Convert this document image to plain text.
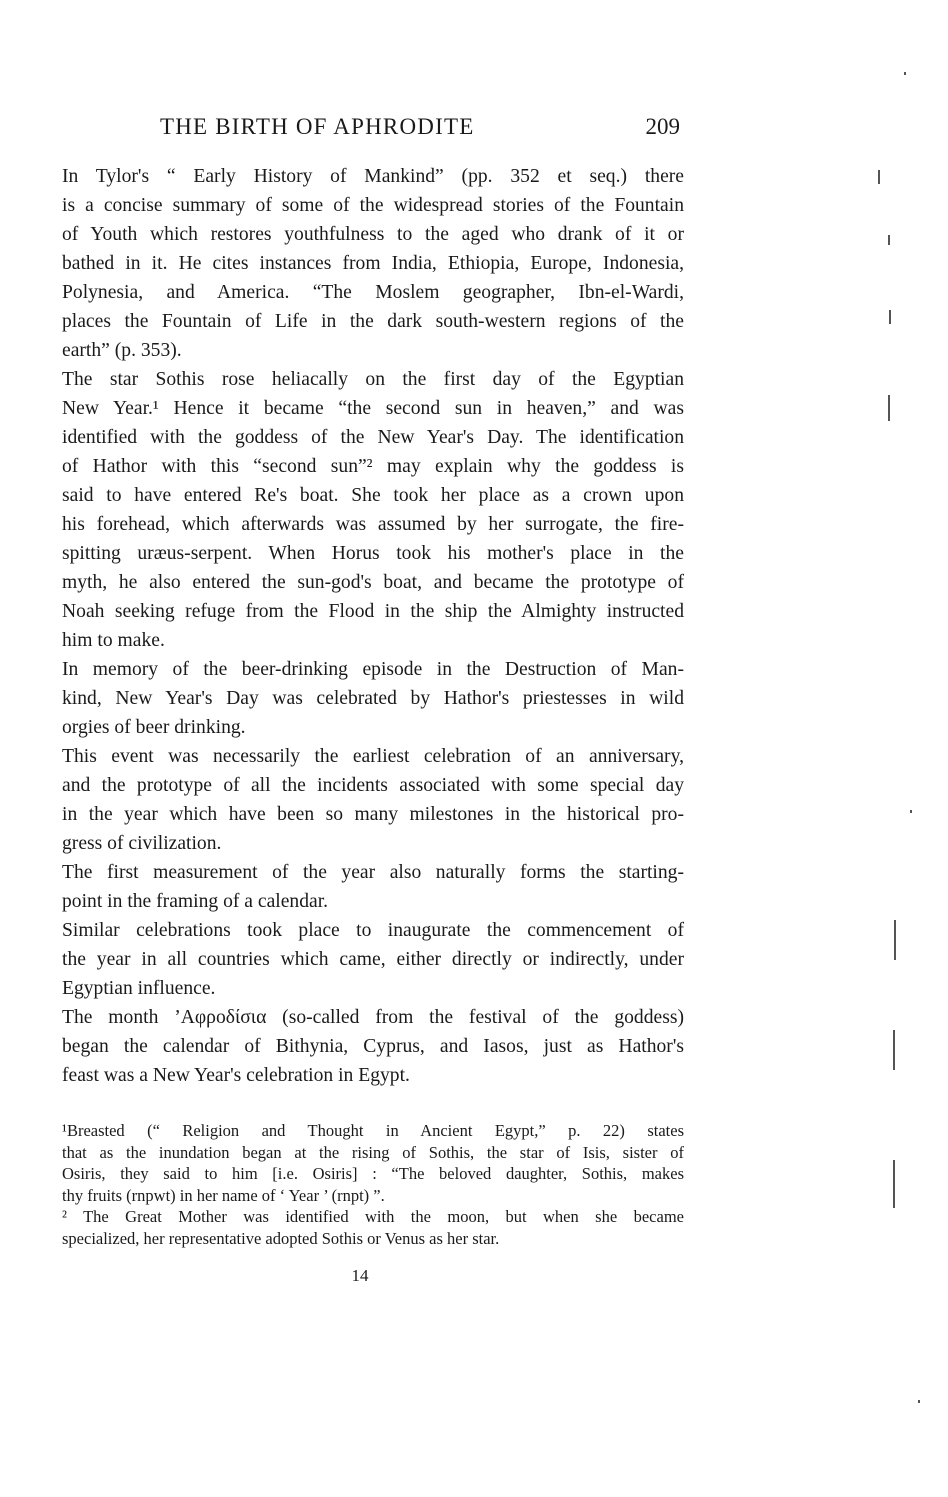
THE BIRTH OF APHRODITE	209

In Tylor's “ Early History of Mankind” (pp. 352 et seq.) there
is a concise summary of some of the widespread stories of the Fountain
of Youth which restores youthfulness to the aged who drank of it or
bathed in it. He cites instances from India, Ethiopia, Europe, Indonesia,
Polynesia, and America. “The Moslem geographer, Ibn-el-Wardi,
places the Fountain of Life in the dark south-western regions of the
earth” (p. 353).

The star Sothis rose heliacally on the first day of the Egyptian
New Year.¹ Hence it became “the second sun in heaven,” and was
identified with the goddess of the New Year's Day. The identification
of Hathor with this “second sun”² may explain why the goddess is
said to have entered Re's boat. She took her place as a crown upon
his forehead, which afterwards was assumed by her surrogate, the fire-
spitting uræus-serpent. When Horus took his mother's place in the
myth, he also entered the sun-god's boat, and became the prototype of
Noah seeking refuge from the Flood in the ship the Almighty instructed
him to make.

In memory of the beer-drinking episode in the Destruction of Man-
kind, New Year's Day was celebrated by Hathor's priestesses in wild
orgies of beer drinking.

This event was necessarily the earliest celebration of an anniversary,
and the prototype of all the incidents associated with some special day
in the year which have been so many milestones in the historical pro-
gress of civilization.

The first measurement of the year also naturally forms the starting-
point in the framing of a calendar.

Similar celebrations took place to inaugurate the commencement of
the year in all countries which came, either directly or indirectly, under
Egyptian influence.

The month ’Aφροδίσια (so-called from the festival of the goddess)
began the calendar of Bithynia, Cyprus, and Iasos, just as Hathor's
feast was a New Year's celebration in Egypt.

¹Breasted (“ Religion and Thought in Ancient Egypt,” p. 22) states
that as the inundation began at the rising of Sothis, the star of Isis, sister of
Osiris, they said to him [i.e. Osiris] : “The beloved daughter, Sothis, makes
thy fruits (rnpwt) in her name of ‘ Year ’ (rnpt) ”.
² The Great Mother was identified with the moon, but when she became
specialized, her representative adopted Sothis or Venus as her star.
14
